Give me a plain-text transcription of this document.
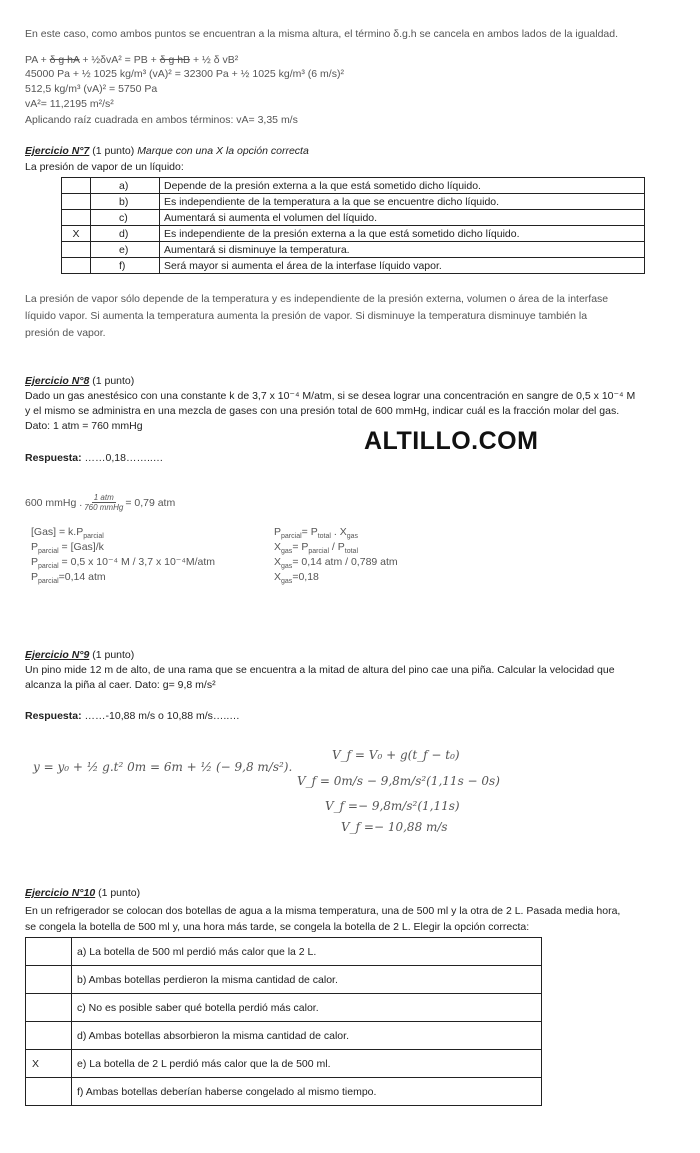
En este caso, como ambos puntos se encuentran a la misma altura, el término δ.g.h se cancela en ambos lados de la igualdad.
PA + δ g hA + ½δvA² = PB + δ g hB + ½ δ vB²
45000 Pa + ½ 1025 kg/m³ (vA)² = 32300 Pa + ½ 1025 kg/m³ (6 m/s)²
512,5 kg/m³ (vA)² = 5750 Pa
vA²= 11,2195 m²/s²
Aplicando raíz cuadrada en ambos términos: vA= 3,35 m/s
Ejercicio N°7 (1 punto) Marque con una X la opción correcta
La presión de vapor de un líquido:
	a)	Depende de la presión externa a la que está sometido dicho líquido.
	b)	Es independiente de la temperatura a la que se encuentre dicho líquido.
	c)	Aumentará si aumenta el volumen del líquido.
X	d)	Es independiente de la presión externa a la que está sometido dicho líquido.
	e)	Aumentará si disminuye la temperatura.
	f)	Será mayor si aumenta el área de la interfase líquido vapor.
La presión de vapor sólo depende de la temperatura y es independiente de la presión externa, volumen o área de la interfase
líquido vapor. Si aumenta la temperatura aumenta la presión de vapor. Si disminuye la temperatura disminuye también la
presión de vapor.
Ejercicio N°8 (1 punto)
Dado un gas anestésico con una constante k de 3,7 x 10⁻⁴ M/atm, si se desea lograr una concentración en sangre de 0,5 x 10⁻⁴ M
y el mismo se administra en una mezcla de gases con una presión total de 600 mmHg, indicar cuál es la fracción molar del gas.
Dato: 1 atm = 760 mmHg
ALTILLO.COM
Respuesta: ……0,18……..…
600 mmHg . 1 atm
760 mmHg = 0,79 atm
$[Gas] = k.P_{parcial}$
$P_{parcial} = [Gas]/k$
$P_{parcial} = 0,5$ x 10⁻⁴ M / 3,7 x 10⁻⁴M/atm
$P_{parcial}=0,14$ atm
$P_{parcial}= P_{total}$ . $X_{gas}$
$X_{gas}= P_{parcial} / P_{total}$
$X_{gas}= 0,14$ atm / 0,789 atm
$X_{gas}=0,18$
Ejercicio N°9 (1 punto)
Un pino mide 12 m de alto, de una rama que se encuentra a la mitad de altura del pino cae una piña. Calcular la velocidad que
alcanza la piña al caer. Dato: g= 9,8 m/s²
Respuesta: ……-10,88 m/s o 10,88 m/s…..…
y = y₀ + ½ g.t² 0m = 6m + ½ (− 9,8 m/s²).
V_f = V₀ + g(t_f − t₀)
V_f = 0m/s − 9,8m/s²(1,11s − 0s)
V_f =− 9,8m/s²(1,11s)
V_f =− 10,88 m/s
Ejercicio N°10 (1 punto)
En un refrigerador se colocan dos botellas de agua a la misma temperatura, una de 500 ml y la otra de 2 L. Pasada media hora,
se congela la botella de 500 ml y, una hora más tarde, se congela la botella de 2 L. Elegir la opción correcta:
	a) La botella de 500 ml perdió más calor que la 2 L.
	b) Ambas botellas perdieron la misma cantidad de calor.
	c) No es posible saber qué botella perdió más calor.
	d) Ambas botellas absorbieron la misma cantidad de calor.
X	e) La botella de 2 L perdió más calor que la de 500 ml.
	f) Ambas botellas deberían haberse congelado al mismo tiempo.
